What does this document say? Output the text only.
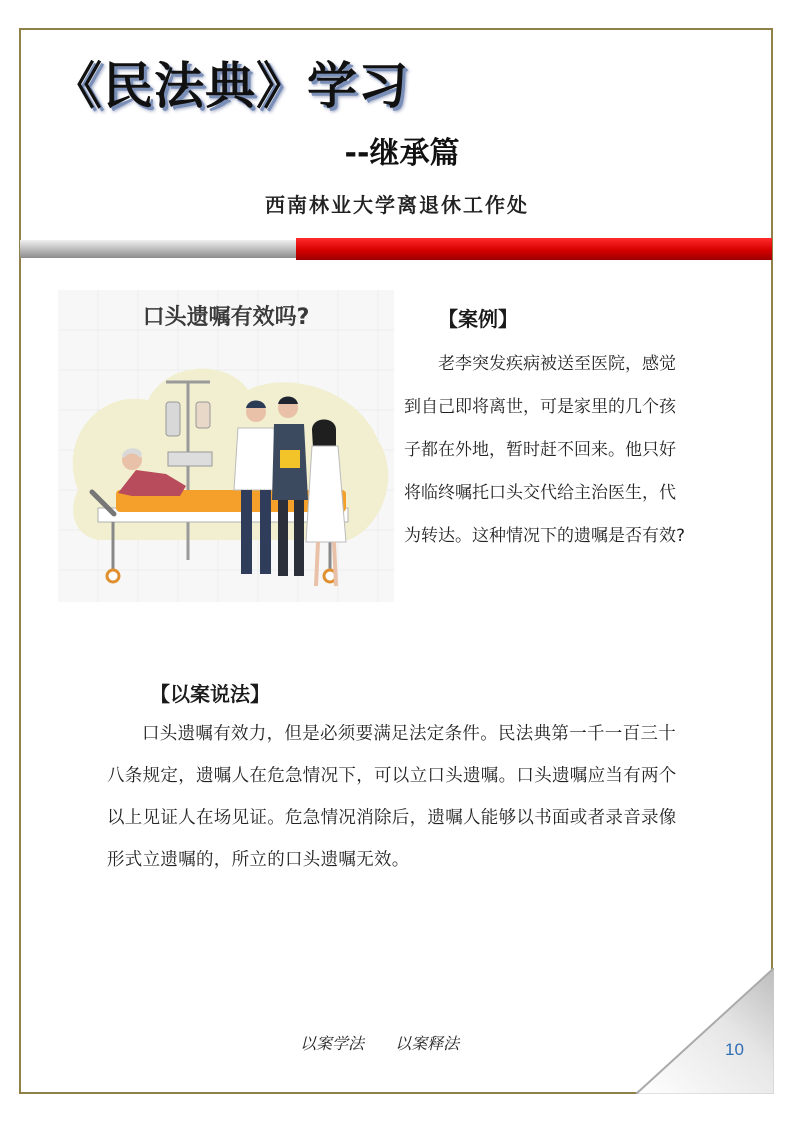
《民法典》学习
--继承篇

西南林业大学离退休工作处

口头遗嘱有效吗?	【案例】

老李突发疾病被送至医院，感觉到自己即将离世，可是家里的几个孩子都在外地，暂时赶不回来。他只好将临终嘱托口头交代给主治医生，代为转达。这种情况下的遗嘱是否有效?

【以案说法】

口头遗嘱有效力，但是必须要满足法定条件。民法典第一千一百三十八条规定，遗嘱人在危急情况下，可以立口头遗嘱。口头遗嘱应当有两个以上见证人在场见证。危急情况消除后，遗嘱人能够以书面或者录音录像形式立遗嘱的，所立的口头遗嘱无效。

以案学法 以案释法	10
